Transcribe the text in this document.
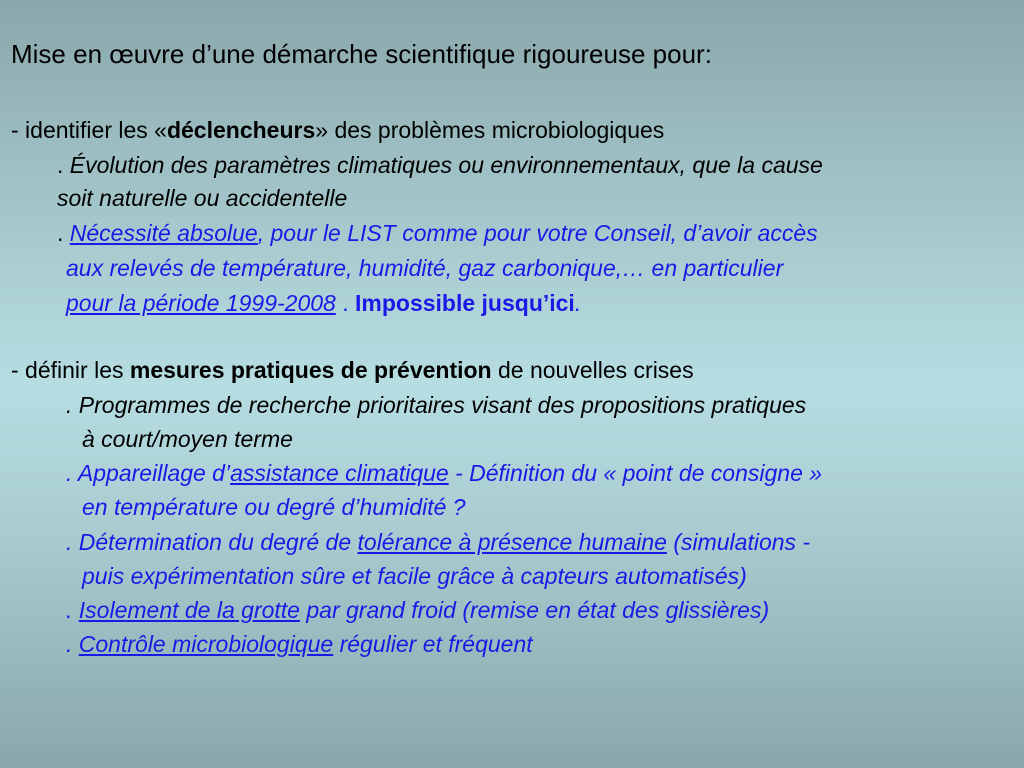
Mise en œuvre d’une démarche scientifique rigoureuse pour:
- identifier les «déclencheurs» des problèmes microbiologiques
. Évolution des paramètres climatiques ou environnementaux, que la cause
soit naturelle ou accidentelle
. Nécessité absolue, pour le LIST comme pour votre Conseil, d’avoir accès
aux relevés de température, humidité, gaz carbonique,… en particulier
pour la période 1999-2008 . Impossible jusqu’ici.
- définir les mesures pratiques de prévention de nouvelles crises
. Programmes de recherche prioritaires visant des propositions pratiques
à court/moyen terme
. Appareillage d’assistance climatique - Définition du « point de consigne »
en température ou degré d’humidité ?
. Détermination du degré de tolérance à présence humaine (simulations -
puis expérimentation sûre et facile grâce à capteurs automatisés)
. Isolement de la grotte par grand froid (remise en état des glissières)
. Contrôle microbiologique régulier et fréquent
